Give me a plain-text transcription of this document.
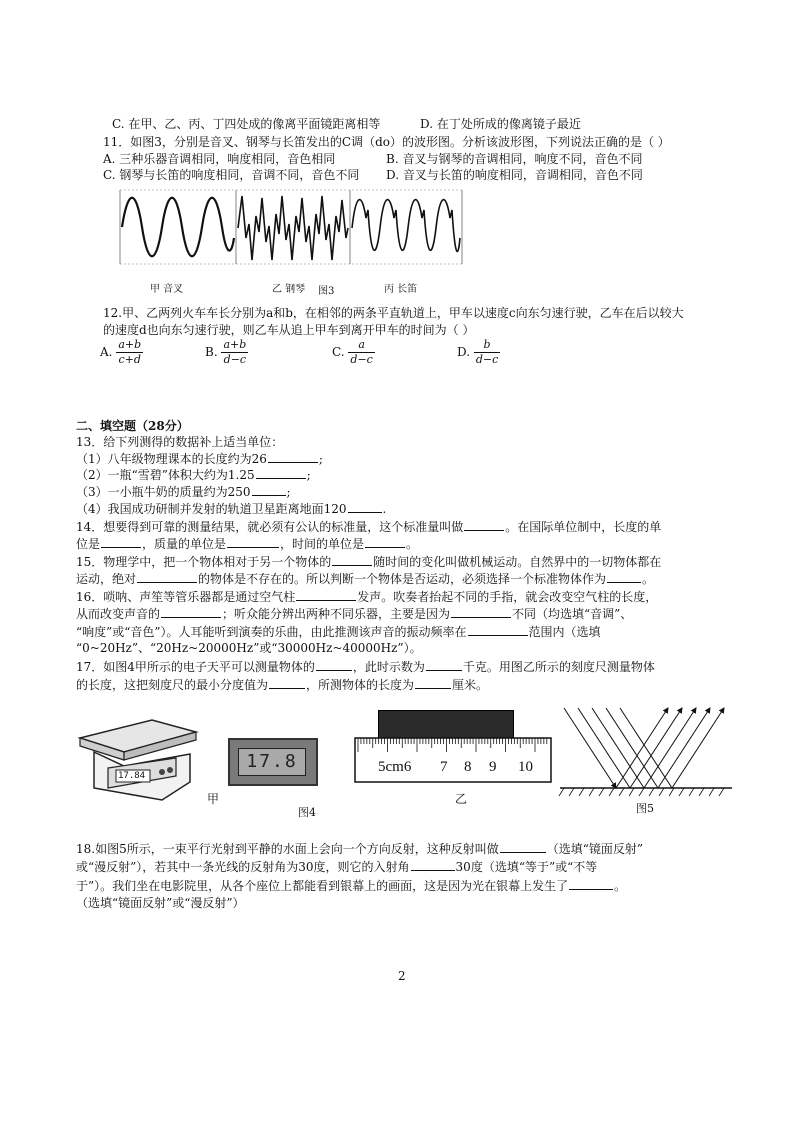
C. 在甲、乙、丙、丁四处成的像离平面镜距离相等	D. 在丁处所成的像离镜子最近
11．如图3，分别是音叉、钢琴与长笛发出的C调（do）的波形图。分析该波形图，下列说法正确的是（ ）
A. 三种乐器音调相同，响度相同，音色相同	B. 音叉与钢琴的音调相同，响度不同，音色不同
C. 钢琴与长笛的响度相同，音调不同，音色不同 D. 音叉与长笛的响度相同，音调相同，音色不同
甲 音叉	乙 钢琴 图3	丙 长笛
12.甲、乙两列火车车长分别为a和b，在相邻的两条平直轨道上，甲车以速度c向东匀速行驶，乙车在后以较大
的速度d也向东匀速行驶，则乙车从追上甲车到离开甲车的时间为（ ）
A. $\frac{a+b}{c+d}$	B. $\frac{a+b}{d-c}$	C. $\frac{a}{d-c}$	D. $\frac{b}{d-c}$
二、填空题（28分）
13．给下列测得的数据补上适当单位：
（1）八年级物理课本的长度约为26	;
（2）一瓶“雪碧”体积大约为1.25	;
（3）一小瓶牛奶的质量约为250	;
（4）我国成功研制并发射的轨道卫星距离地面120	.
14．想要得到可靠的测量结果，就必须有公认的标准量，这个标准量叫做	。在国际单位制中，长度的单
位是	，质量的单位是	，时间的单位是	。
15．物理学中，把一个物体相对于另一个物体的	随时间的变化叫做机械运动。自然界中的一切物体都在
运动，绝对	的物体是不存在的。所以判断一个物体是否运动，必须选择一个标准物体作为	。
16．唢呐、声笙等管乐器都是通过空气柱	发声。吹奏者抬起不同的手指，就会改变空气柱的长度，
从而改变声音的	；听众能分辨出两种不同乐器，主要是因为	不同（均选填“音调”、
“响度”或“音色”）。人耳能听到演奏的乐曲，由此推测该声音的振动频率在	范围内（选填
“0~20Hz”、“20Hz~20000Hz”或“30000Hz~40000Hz”）。
17．如图4甲所示的电子天平可以测量物体的	，此时示数为	千克。用图乙所示的刻度尺测量物体
的长度，这把刻度尺的最小分度值为	，所测物体的长度为	厘米。
17.84
17.8
甲
图4
5cm6 7 8 9 10
乙
图5
18.如图5所示，一束平行光射到平静的水面上会向一个方向反射，这种反射叫做	（选填“镜面反射”
或“漫反射”），若其中一条光线的反射角为30度，则它的入射角	30度（选填“等于”或“不等
于”）。我们坐在电影院里，从各个座位上都能看到银幕上的画面，这是因为光在银幕上发生了	。
（选填“镜面反射”或“漫反射”）
2
